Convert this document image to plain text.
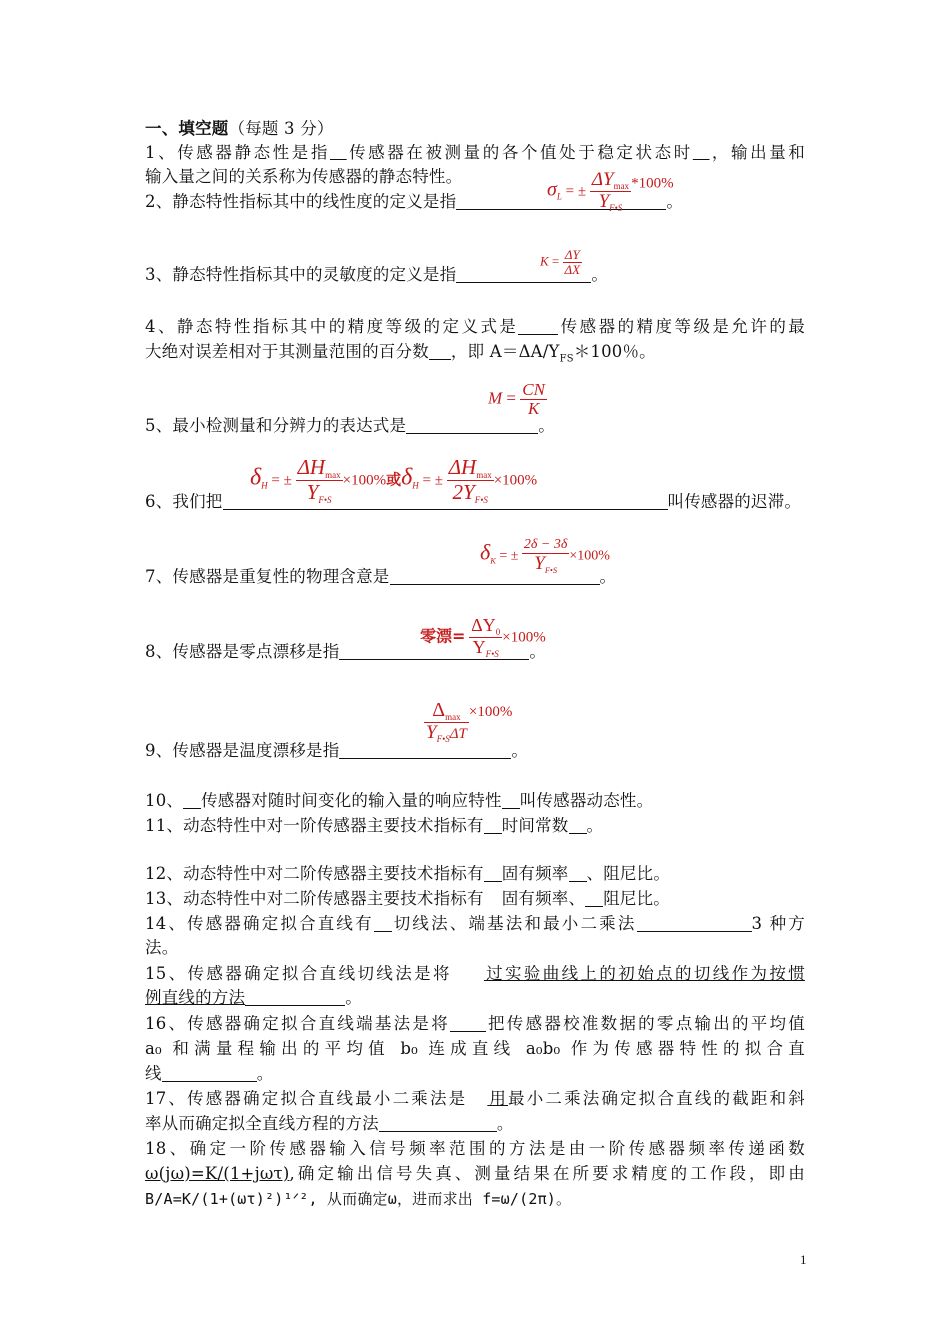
一、填空题（每题 3 分）
1、传感器静态性是指  传感器在被测量的各个值处于稳定状态时  ，输出量和
输入量之间的关系称为传感器的静态特性。
2、静态特性指标其中的线性度的定义是指	。
$\sigma_L$ = ± $\frac{\Delta Y_{max}}{Y_{F•S}} *100\%$
3、静态特性指标其中的灵敏度的定义是指	。
$K = \frac{\Delta Y}{\Delta X}$
4、静态特性指标其中的精度等级的定义式是 传感器的精度等级是允许的最
大绝对误差相对于其测量范围的百分数 ，即 $A=\Delta A/Y_{FS}*100$％。
5、最小检测量和分辨力的表达式是	。
$M = \frac{CN}{K}$
6、我们把	叫传感器的迟滞。
$\delta_H$ = ± $\frac{\Delta H_{max}}{Y_{F•S}} \times 100\%$或$\delta_H$ = ± $\frac{\Delta H_{max}}{2Y_{F•S}} \times 100\%$
7、传感器是重复性的物理含意是	。
$\delta_K$ = ± $\frac{2\delta - 3\delta}{Y_{F•S}} \times 100\%$
8、传感器是零点漂移是指	。
零漂= $\frac{\Delta Y_0}{Y_{F•S}} \times 100\%$
9、传感器是温度漂移是指	。
$\frac{\Delta_{max}}{Y_{F•S}\Delta T} \times 100\%$
10、 传感器对随时间变化的输入量的响应特性 叫传感器动态性。
11、动态特性中对一阶传感器主要技术指标有 时间常数 。
12、动态特性中对二阶传感器主要技术指标有 固有频率 、阻尼比。
13、动态特性中对二阶传感器主要技术指标有 固有频率、 阻尼比。
14、传感器确定拟合直线有 切线法、端基法和最小二乘法	3 种方
法。
15、传感器确定拟合直线切线法是将 过实验曲线上的初始点的切线作为按惯
例直线的方法	。
16、传感器确定拟合直线端基法是将 把传感器校准数据的零点输出的平均值
a₀ 和满量程输出的平均值 b₀ 连成直线 a₀b₀ 作为传感器特性的拟合直
线	。
17、传感器确定拟合直线最小二乘法是 用最小二乘法确定拟合直线的截距和斜
率从而确定拟全直线方程的方法	。
18、确定一阶传感器输入信号频率范围的方法是由一阶传感器频率传递函数
ω(jω)=K/(1+jωτ),确定输出信号失真、测量结果在所要求精度的工作段，即由
B/A=K/(1+(ωτ)²)¹ᐟ², 从而确定ω，进而求出 f=ω/(2π)。
1
